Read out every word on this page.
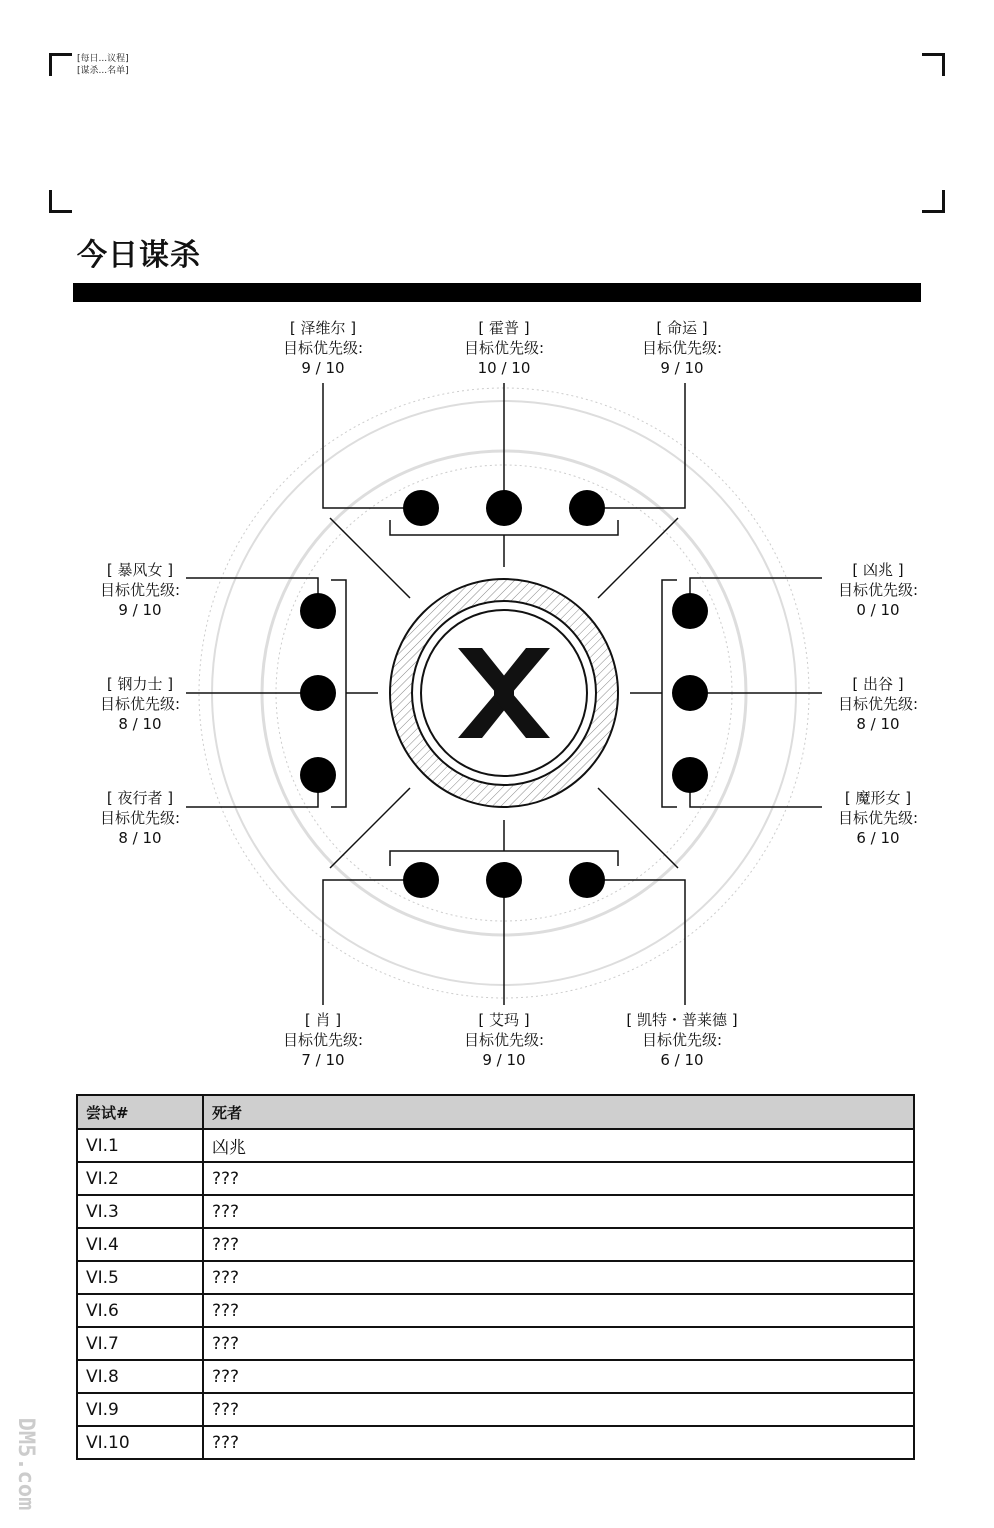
[每日...议程]
[谋杀...名单]
今日谋杀
[ 泽维尔 ]
目标优先级:
9 / 10
[ 霍普 ]
目标优先级:
10 / 10
[ 命运 ]
目标优先级:
9 / 10
[ 暴风女 ]
目标优先级:
9 / 10
[ 钢力士 ]
目标优先级:
8 / 10
[ 夜行者 ]
目标优先级:
8 / 10
[ 凶兆 ]
目标优先级:
0 / 10
[ 出谷 ]
目标优先级:
8 / 10
[ 魔形女 ]
目标优先级:
6 / 10
[ 肖 ]
目标优先级:
7 / 10
[ 艾玛 ]
目标优先级:
9 / 10
[ 凯特・普莱德 ]
目标优先级:
6 / 10
尝试#	死者
VI.1	凶兆
VI.2	???
VI.3	???
VI.4	???
VI.5	???
VI.6	???
VI.7	???
VI.8	???
VI.9	???
VI.10	???
DM5.com
